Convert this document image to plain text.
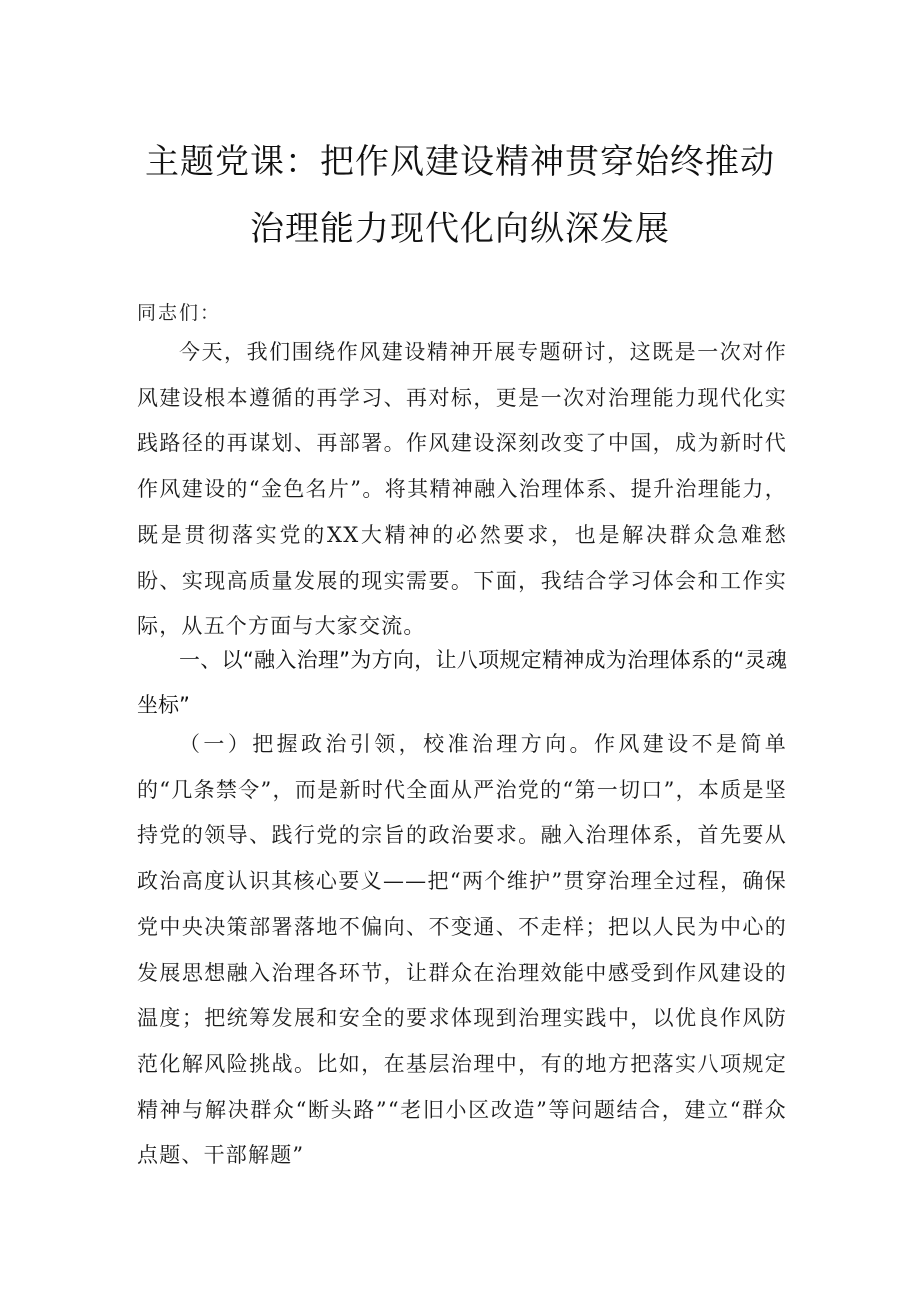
主题党课：把作风建设精神贯穿始终推动
治理能力现代化向纵深发展
同志们：
今天，我们围绕作风建设精神开展专题研讨，这既是一次对作风建设根本遵循的再学习、再对标，更是一次对治理能力现代化实践路径的再谋划、再部署。作风建设深刻改变了中国，成为新时代作风建设的“金色名片”。将其精神融入治理体系、提升治理能力，既是贯彻落实党的XX大精神的必然要求，也是解决群众急难愁盼、实现高质量发展的现实需要。下面，我结合学习体会和工作实际，从五个方面与大家交流。
一、以“融入治理”为方向，让八项规定精神成为治理体系的“灵魂坐标”
（一）把握政治引领，校准治理方向。作风建设不是简单的“几条禁令”，而是新时代全面从严治党的“第一切口”，本质是坚持党的领导、践行党的宗旨的政治要求。融入治理体系，首先要从政治高度认识其核心要义——把“两个维护”贯穿治理全过程，确保党中央决策部署落地不偏向、不变通、不走样；把以人民为中心的发展思想融入治理各环节，让群众在治理效能中感受到作风建设的温度；把统筹发展和安全的要求体现到治理实践中，以优良作风防范化解风险挑战。比如，在基层治理中，有的地方把落实八项规定精神与解决群众“断头路”“老旧小区改造”等问题结合，建立“群众点题、干部解题”
